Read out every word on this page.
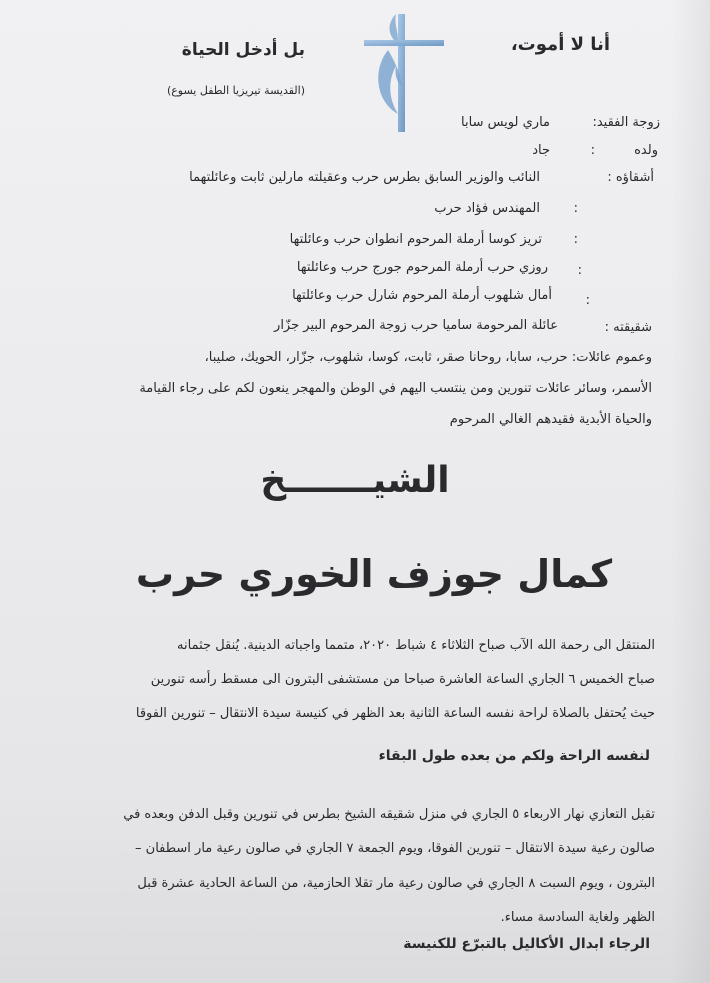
أنا لا أموت،
بل أدخل الحياة
(القديسة تيريزيا الطفل يسوع)
زوجة الفقيد:
ماري لويس سابا
ولده
:
جاد
أشقاؤه :
النائب والوزير السابق بطرس حرب وعقيلته مارلين ثابت وعائلتهما
:
المهندس فؤاد حرب
:
تريز كوسا أرملة المرحوم انطوان حرب وعائلتها
:
روزي حرب أرملة المرحوم جورج حرب وعائلتها
:
أمال شلهوب أرملة المرحوم شارل حرب وعائلتها
شقيقته :
عائلة المرحومة ساميا حرب زوجة المرحوم البير جزّار
وعموم عائلات: حرب، سابا، روحانا صقر، ثابت، كوسا، شلهوب، جزّار، الحويك، صليبا،
الأسمر، وسائر عائلات تنورين ومن ينتسب اليهم في الوطن والمهجر ينعون لكم على رجاء القيامة
والحياة الأبدية فقيدهم الغالي المرحوم
الشيـــــــخ
كمال جوزف الخوري حرب
المنتقل الى رحمة الله الآب صباح الثلاثاء ٤ شباط ٢٠٢٠، متمما واجباته الدينية. يُنقل جثمانه
صباح الخميس ٦ الجاري الساعة العاشرة صباحا من مستشفى البترون الى مسقط رأسه تنورين
حيث يُحتفل بالصلاة لراحة نفسه الساعة الثانية بعد الظهر في كنيسة سيدة الانتقال – تنورين الفوقا
لنفسه الراحة ولكم من بعده طول البقاء
تقبل التعازي نهار الاربعاء ٥ الجاري في منزل شقيقه الشيخ بطرس في تنورين وقبل الدفن وبعده في
صالون رعية سيدة الانتقال – تنورين الفوقا، ويوم الجمعة ٧ الجاري في صالون رعية مار اسطفان –
البترون ، ويوم السبت ٨ الجاري في صالون رعية مار تقلا الحازمية، من الساعة الحادية عشرة قبل
الظهر ولغاية السادسة مساء.
الرجاء ابدال الأكاليل بالتبرّع للكنيسة
